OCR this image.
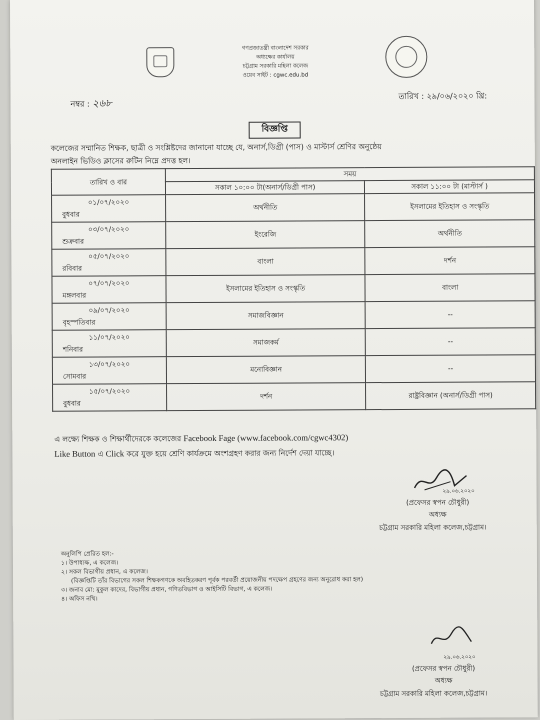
গণপ্রজাতন্ত্রী বাংলাদেশ সরকার
অধ্যক্ষের কার্যালয়
চট্টগ্রাম সরকারি মহিলা কলেজ
ওয়েব সাইট : cgwc.edu.bd
নম্বর : ২৬৮
তারিখ : ২৯/০৬/২০২০ খ্রি:
বিজ্ঞপ্তি
কলেজের সম্মানিত শিক্ষক, ছাত্রী ও সংশ্লিষ্টদের জানানো যাচ্ছে যে, অনার্স,ডিগ্রী (পাস) ও মাস্টার্স শ্রেণির অনুষ্ঠেয়
অনলাইন ভিডিও ক্লাসের রুটিন নিম্নে প্রদত্ত হল।
তারিখ ও বার	সময়	
	সকাল ১০:০০ টা(অনার্স/ডিগ্রী পাস)	সকাল ১১:০০ টা (মাস্টার্স )

০১/০৭/২০২০
বুধবার	অর্থনীতি	ইসলামের ইতিহাস ও সংস্কৃতি

০৩/০৭/২০২০
শুক্রবার	ইংরেজি	অর্থনীতি

০৫/০৭/২০২০
রবিবার	বাংলা	দর্শন

০৭/০৭/২০২০
মঙ্গলবার	ইসলামের ইতিহাস ও সংস্কৃতি	বাংলা

০৯/০৭/২০২০
বৃহস্পতিবার	সমাজবিজ্ঞান	--

১১/০৭/২০২০
শনিবার	সমাজকর্ম	--

১৩/০৭/২০২০
সোমবার	মনোবিজ্ঞান	--

১৫/০৭/২০২০
বুধবার	দর্শন	রাষ্ট্রবিজ্ঞান (অনার্স/ডিগ্রী পাস)
এ লক্ষ্যে শিক্ষক ও শিক্ষার্থীদেরকে কলেজের Facebook Fage (www.facebook.com/cgwc4302)
Like Button এ Click করে যুক্ত হয়ে শ্রেণি কার্যক্রমে অংশগ্রহণ করার জন্য নির্দেশ দেয়া যাচ্ছে।
২৯.০৬.২০২০
(প্রফেসর স্বপন চৌধুরী)
অধ্যক্ষ
চট্টগ্রাম সরকারি মহিলা কলেজ,চট্টগ্রাম।
অনুলিপি প্রেরিত হল:-
১। উপাধ্যক্ষ, এ কলেজ।
২। সকল বিভাগীয় প্রধান, এ কলেজ।
(বিজ্ঞপ্তিটি তাঁর বিভাগের সকল শিক্ষকগণকে অবহিতকরণ পূর্বক পরবর্তী প্রয়োজনীয় পদক্ষেপ গ্রহণের জন্য অনুরোধ করা হল)
৩। জনাব মো: মুকুল কাদের, বিভাগীয় প্রধান, গণিতবিভাগ ও আইসিটি বিভাগ, এ কলেজ।
৪। অফিস নথি।
২৯.০৬.২০২০
(প্রফেসর স্বপন চৌধুরী)
অধ্যক্ষ
চট্টগ্রাম সরকারি মহিলা কলেজ,চট্টগ্রাম।
